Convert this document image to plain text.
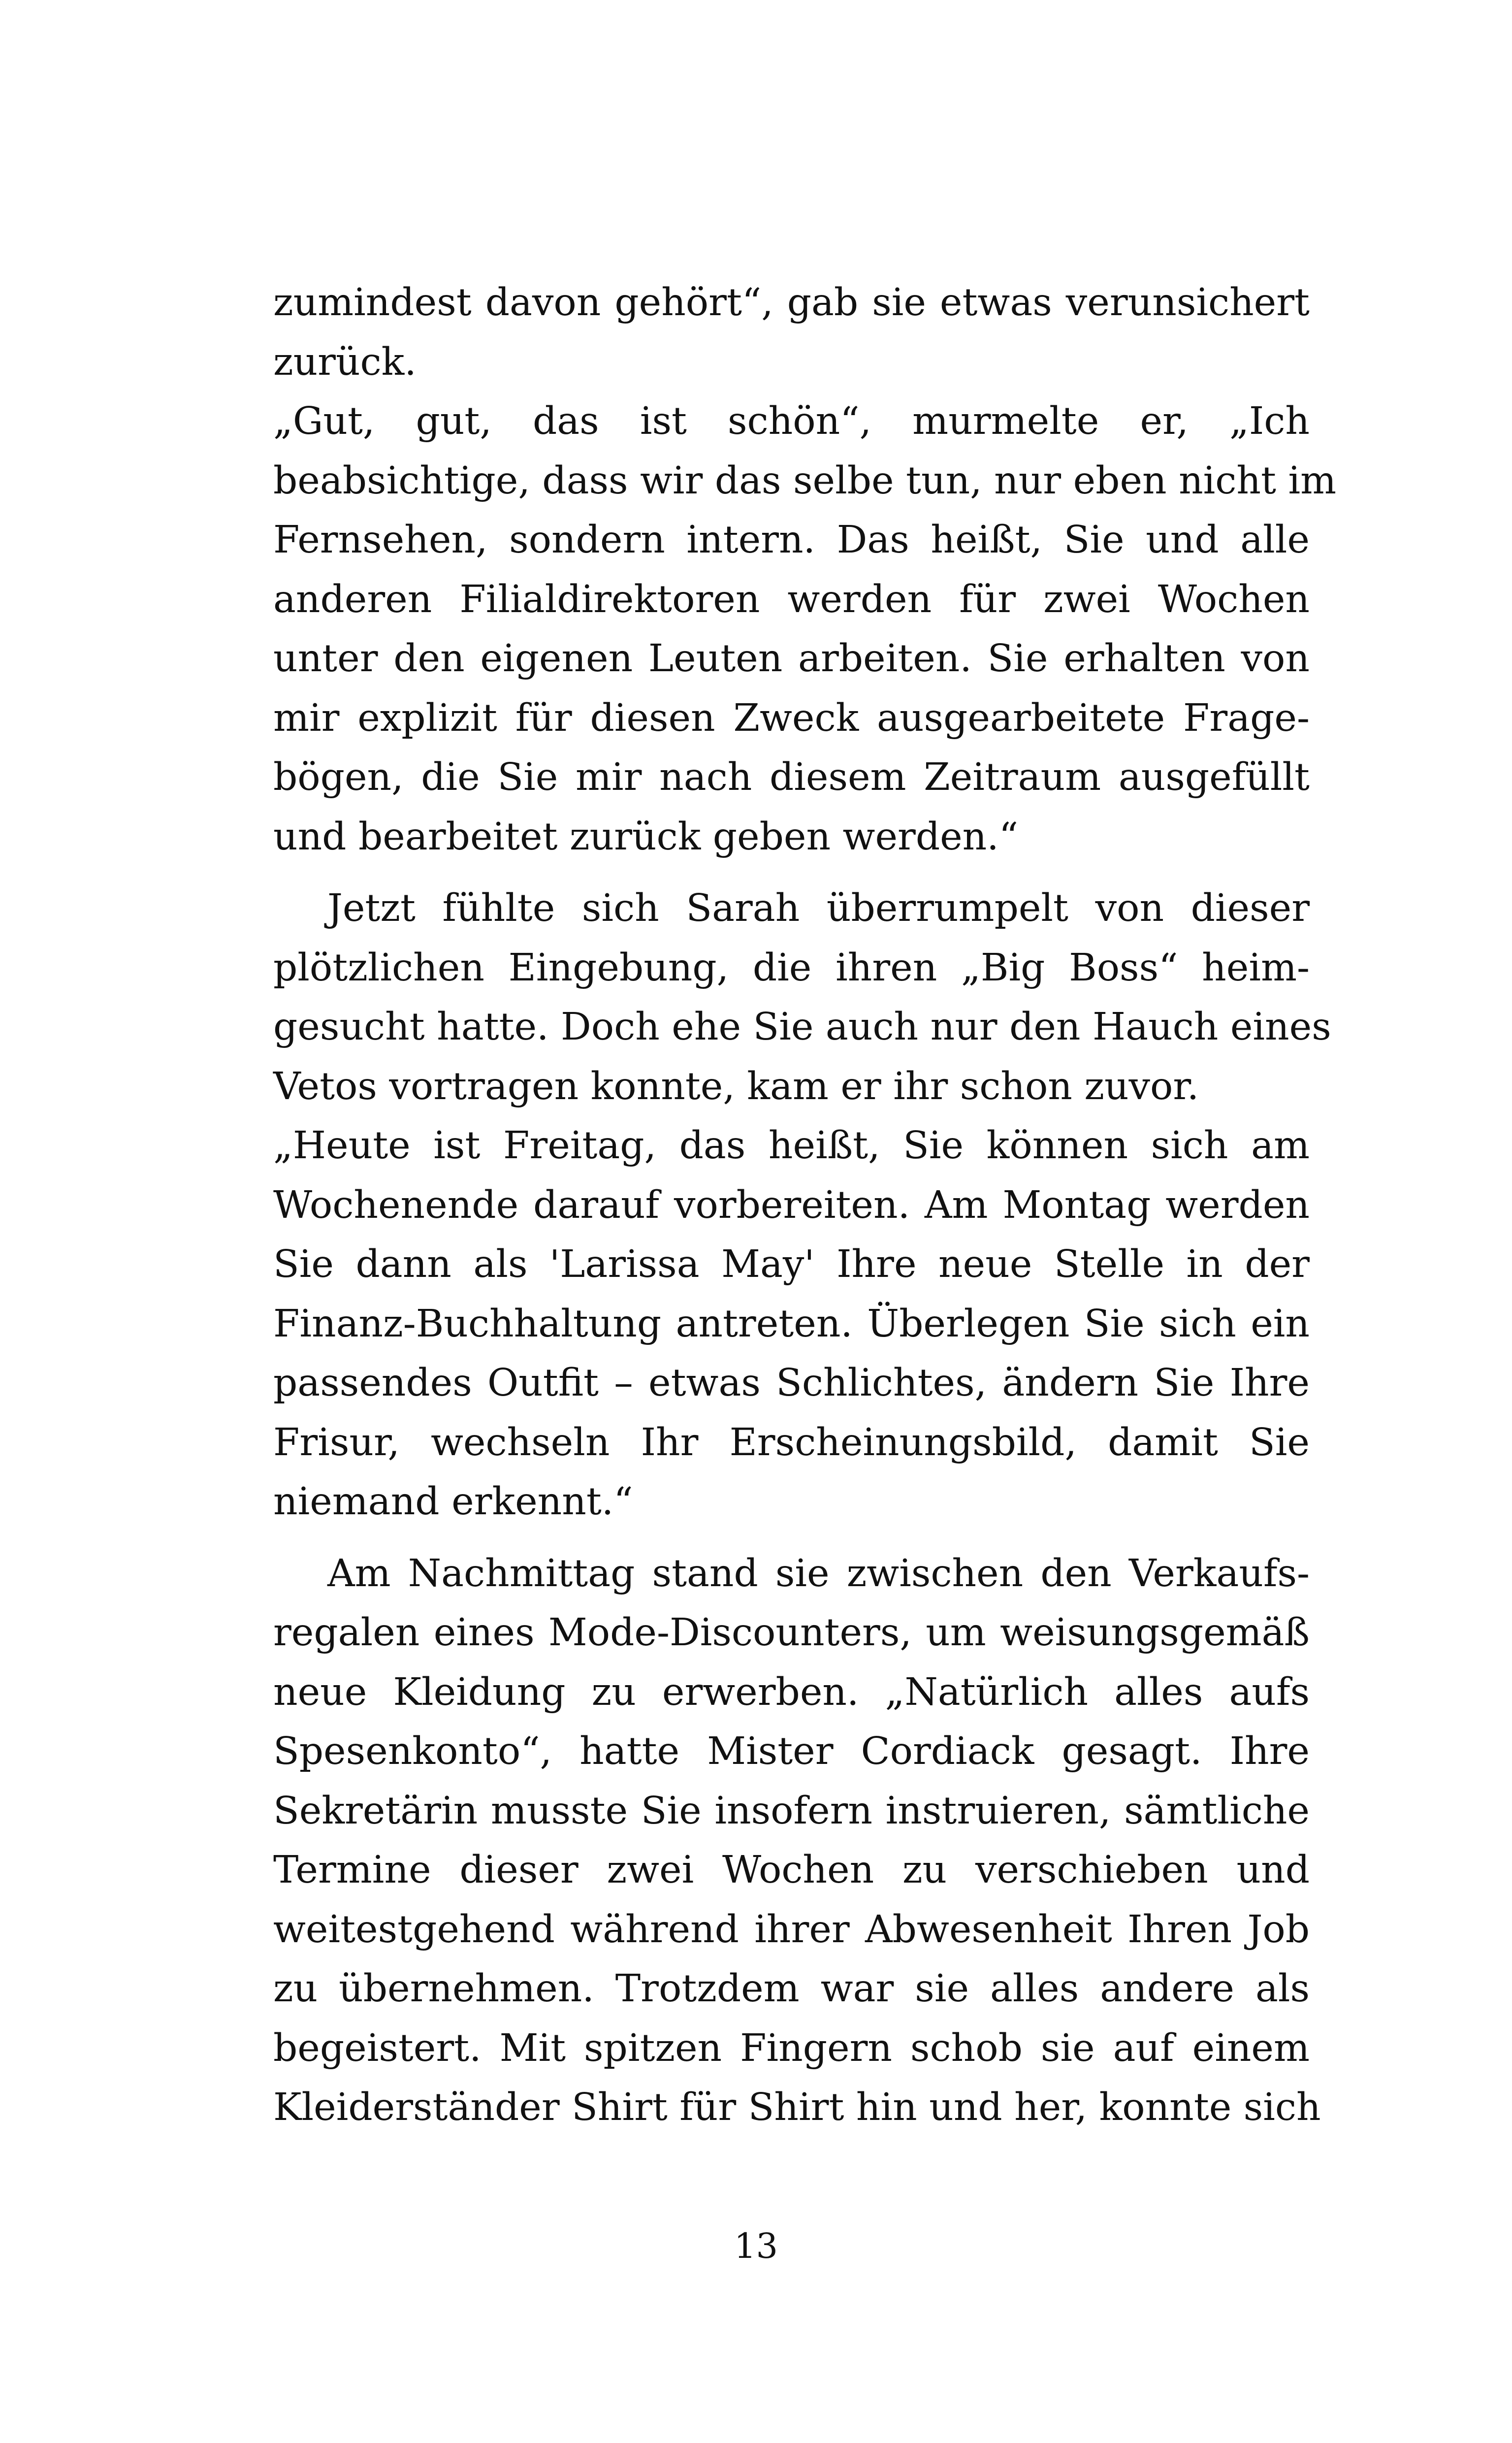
zumindest davon gehört“, gab sie etwas verunsichert
zurück.

„Gut, gut, das ist schön“, murmelte er, „Ich
beabsichtige, dass wir das selbe tun, nur eben nicht im
Fernsehen, sondern intern. Das heißt, Sie und alle
anderen Filialdirektoren werden für zwei Wochen
unter den eigenen Leuten arbeiten. Sie erhalten von
mir explizit für diesen Zweck ausgearbeitete Frage-
bögen, die Sie mir nach diesem Zeitraum ausgefüllt
und bearbeitet zurück geben werden.“

Jetzt fühlte sich Sarah überrumpelt von dieser
plötzlichen Eingebung, die ihren „Big Boss“ heim-
gesucht hatte. Doch ehe Sie auch nur den Hauch eines
Vetos vortragen konnte, kam er ihr schon zuvor.

„Heute ist Freitag, das heißt, Sie können sich am
Wochenende darauf vorbereiten. Am Montag werden
Sie dann als 'Larissa May' Ihre neue Stelle in der
Finanz-Buchhaltung antreten. Überlegen Sie sich ein
passendes Outfit – etwas Schlichtes, ändern Sie Ihre
Frisur, wechseln Ihr Erscheinungsbild, damit Sie
niemand erkennt.“

Am Nachmittag stand sie zwischen den Verkaufs-
regalen eines Mode-Discounters, um weisungsgemäß
neue Kleidung zu erwerben. „Natürlich alles aufs
Spesenkonto“, hatte Mister Cordiack gesagt. Ihre
Sekretärin musste Sie insofern instruieren, sämtliche
Termine dieser zwei Wochen zu verschieben und
weitestgehend während ihrer Abwesenheit Ihren Job
zu übernehmen. Trotzdem war sie alles andere als
begeistert. Mit spitzen Fingern schob sie auf einem
Kleiderständer Shirt für Shirt hin und her, konnte sich

13
